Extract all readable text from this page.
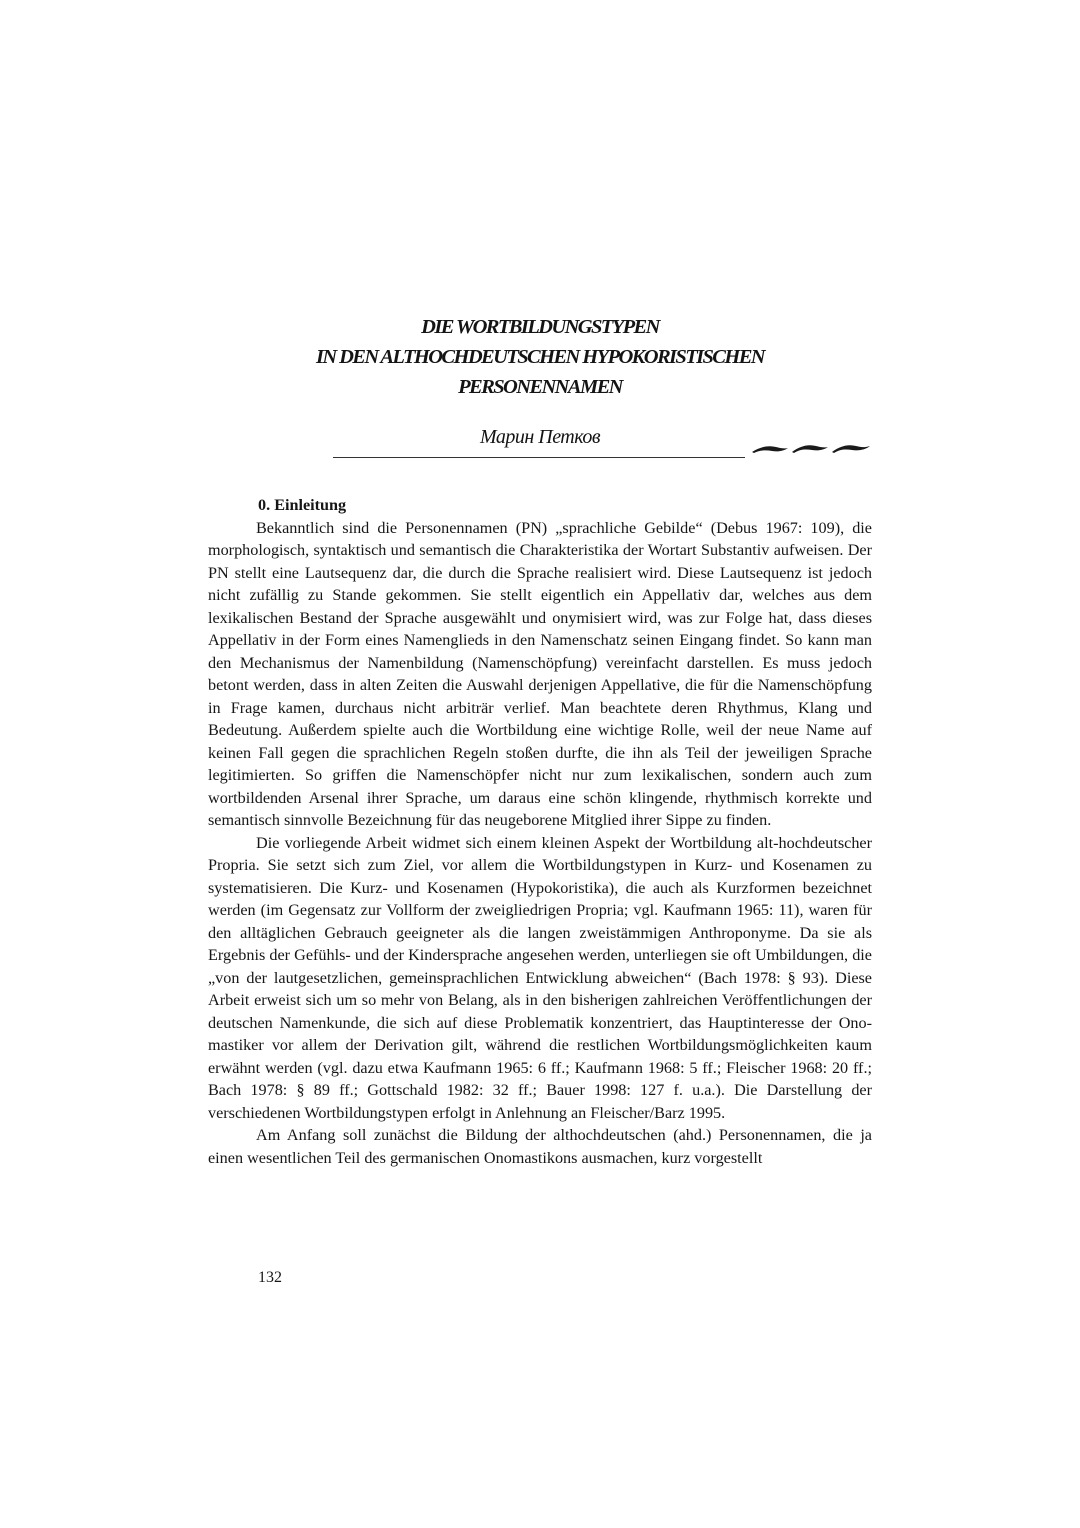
DIE WORTBILDUNGSTYPEN
IN DEN ALTHOCHDEUTSCHEN HYPOKORISTISCHEN
PERSONENNAMEN
Марин Петков
0. Einleitung

Bekanntlich sind die Personennamen (PN) „sprachliche Gebilde“ (Debus 1967: 109), die morphologisch, syntaktisch und semantisch die Charakteristika der Wortart Substantiv aufweisen. Der PN stellt eine Lautsequenz dar, die durch die Sprache realisiert wird. Diese Lautsequenz ist jedoch nicht zufällig zu Stande gekommen. Sie stellt eigentlich ein Appellativ dar, welches aus dem lexikalischen Bestand der Sprache ausgewählt und onymisiert wird, was zur Folge hat, dass dieses Appellativ in der Form eines Namenglieds in den Namenschatz seinen Eingang findet. So kann man den Mechanismus der Namenbildung (Namenschöpfung) vereinfacht darstellen. Es muss jedoch betont werden, dass in alten Zeiten die Auswahl derjenigen Appellative, die für die Namenschöpfung in Frage kamen, durchaus nicht arbiträr verlief. Man beachtete deren Rhythmus, Klang und Bedeutung. Außerdem spielte auch die Wortbildung eine wichtige Rolle, weil der neue Name auf keinen Fall gegen die sprachlichen Regeln stoßen durfte, die ihn als Teil der jeweiligen Sprache legitimierten. So griffen die Namenschöpfer nicht nur zum lexikalischen, sondern auch zum wortbildenden Arsenal ihrer Sprache, um daraus eine schön klingende, rhythmisch korrekte und semantisch sinnvolle Bezeichnung für das neugeborene Mitglied ihrer Sippe zu finden.

Die vorliegende Arbeit widmet sich einem kleinen Aspekt der Wortbildung alt-hochdeutscher Propria. Sie setzt sich zum Ziel, vor allem die Wortbildungstypen in Kurz- und Kosenamen zu systematisieren. Die Kurz- und Kosenamen (Hypokoristika), die auch als Kurzformen bezeichnet werden (im Gegensatz zur Vollform der zweigliedrigen Propria; vgl. Kaufmann 1965: 11), waren für den alltäglichen Gebrauch geeigneter als die langen zweistämmigen Anthroponyme. Da sie als Ergebnis der Gefühls- und der Kindersprache angesehen werden, unterliegen sie oft Umbildungen, die „von der lautgesetzlichen, gemeinsprachlichen Entwicklung abweichen“ (Bach 1978: § 93). Diese Arbeit erweist sich um so mehr von Belang, als in den bisherigen zahlreichen Veröffentlichungen der deutschen Namenkunde, die sich auf diese Problematik konzentriert, das Hauptinteresse der Ono-mastiker vor allem der Derivation gilt, während die restlichen Wortbildungsmöglichkeiten kaum erwähnt werden (vgl. dazu etwa Kaufmann 1965: 6 ff.; Kaufmann 1968: 5 ff.; Fleischer 1968: 20 ff.; Bach 1978: § 89 ff.; Gottschald 1982: 32 ff.; Bauer 1998: 127 f. u.a.). Die Darstellung der verschiedenen Wortbildungstypen erfolgt in Anlehnung an Fleischer/Barz 1995.

Am Anfang soll zunächst die Bildung der althochdeutschen (ahd.) Personennamen, die ja einen wesentlichen Teil des germanischen Onomastikons ausmachen, kurz vorgestellt

132
